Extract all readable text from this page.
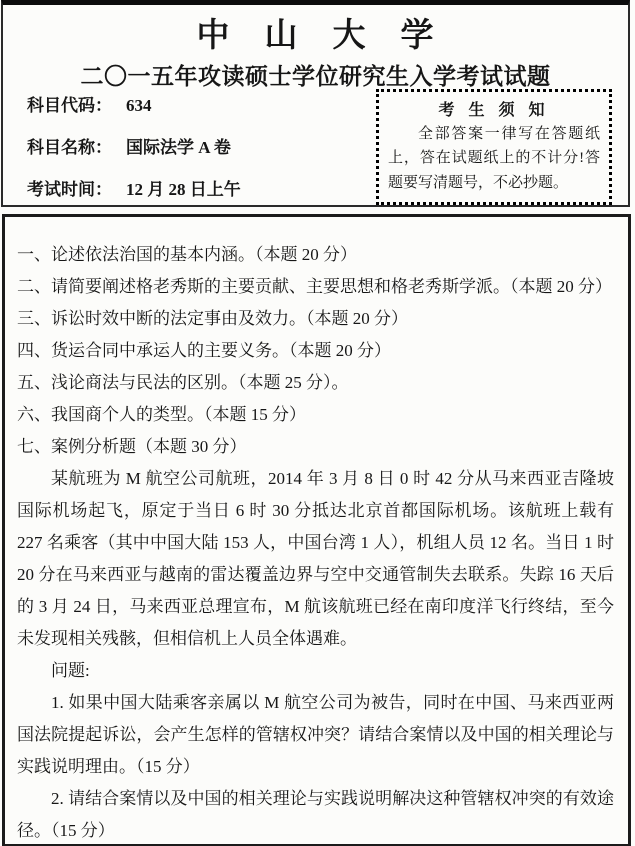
中　山　大　学
二〇一五年攻读硕士学位研究生入学考试试题
科目代码： 634
科目名称： 国际法学 A 卷
考试时间： 12 月 28 日上午
考 生 须 知
全部答案一律写在答题纸上，答在试题纸上的不计分!答题要写清题号，不必抄题。
一、论述依法治国的基本内涵。（本题 20 分）
二、请简要阐述格老秀斯的主要贡献、主要思想和格老秀斯学派。（本题 20 分）
三、诉讼时效中断的法定事由及效力。（本题 20 分）
四、货运合同中承运人的主要义务。（本题 20 分）
五、浅论商法与民法的区别。（本题 25 分）。
六、我国商个人的类型。（本题 15 分）
七、案例分析题（本题 30 分）
某航班为 M 航空公司航班，2014 年 3 月 8 日 0 时 42 分从马来西亚吉隆坡国际机场起飞，原定于当日 6 时 30 分抵达北京首都国际机场。该航班上载有 227 名乘客（其中中国大陆 153 人，中国台湾 1 人），机组人员 12 名。当日 1 时 20 分在马来西亚与越南的雷达覆盖边界与空中交通管制失去联系。失踪 16 天后的 3 月 24 日，马来西亚总理宣布，M 航该航班已经在南印度洋飞行终结，至今未发现相关残骸，但相信机上人员全体遇难。
问题:
1. 如果中国大陆乘客亲属以 M 航空公司为被告，同时在中国、马来西亚两国法院提起诉讼，会产生怎样的管辖权冲突？请结合案情以及中国的相关理论与实践说明理由。（15 分）
2. 请结合案情以及中国的相关理论与实践说明解决这种管辖权冲突的有效途径。（15 分）
